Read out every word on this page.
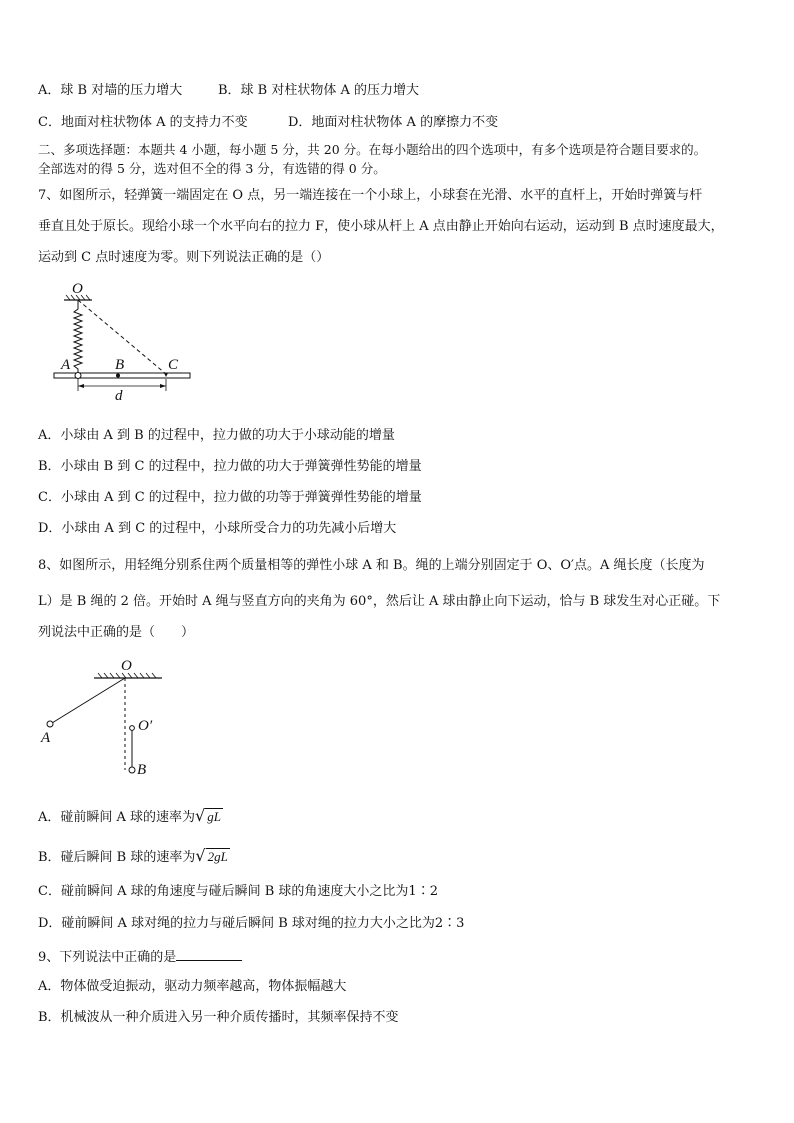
A．球 B 对墙的压力增大	B．球 B 对柱状物体 A 的压力增大
C．地面对柱状物体 A 的支持力不变	D．地面对柱状物体 A 的摩擦力不变
二、多项选择题：本题共 4 小题，每小题 5 分，共 20 分。在每小题给出的四个选项中，有多个选项是符合题目要求的。
全部选对的得 5 分，选对但不全的得 3 分，有选错的得 0 分。
7、如图所示，轻弹簧一端固定在 O 点，另一端连接在一个小球上，小球套在光滑、水平的直杆上，开始时弹簧与杆
垂直且处于原长。现给小球一个水平向右的拉力 F，使小球从杆上 A 点由静止开始向右运动，运动到 B 点时速度最大，
运动到 C 点时速度为零。则下列说法正确的是（）
O
A	B	C
d
A．小球由 A 到 B 的过程中，拉力做的功大于小球动能的增量
B．小球由 B 到 C 的过程中，拉力做的功大于弹簧弹性势能的增量
C．小球由 A 到 C 的过程中，拉力做的功等于弹簧弹性势能的增量
D．小球由 A 到 C 的过程中，小球所受合力的功先减小后增大
8、如图所示，用轻绳分别系住两个质量相等的弹性小球 A 和 B。绳的上端分别固定于 O、O′点。A 绳长度（长度为
L）是 B 绳的 2 倍。开始时 A 绳与竖直方向的夹角为 60°，然后让 A 球由静止向下运动，恰与 B 球发生对心正碰。下
列说法中正确的是（　　）
O
O′
A
B
A．碰前瞬间 A 球的速率为√ gL
B．碰后瞬间 B 球的速率为√ 2gL
C．碰前瞬间 A 球的角速度与碰后瞬间 B 球的角速度大小之比为1∶2
D．碰前瞬间 A 球对绳的拉力与碰后瞬间 B 球对绳的拉力大小之比为2∶3
9、下列说法中正确的是
A．物体做受迫振动，驱动力频率越高，物体振幅越大
B．机械波从一种介质进入另一种介质传播时，其频率保持不变
